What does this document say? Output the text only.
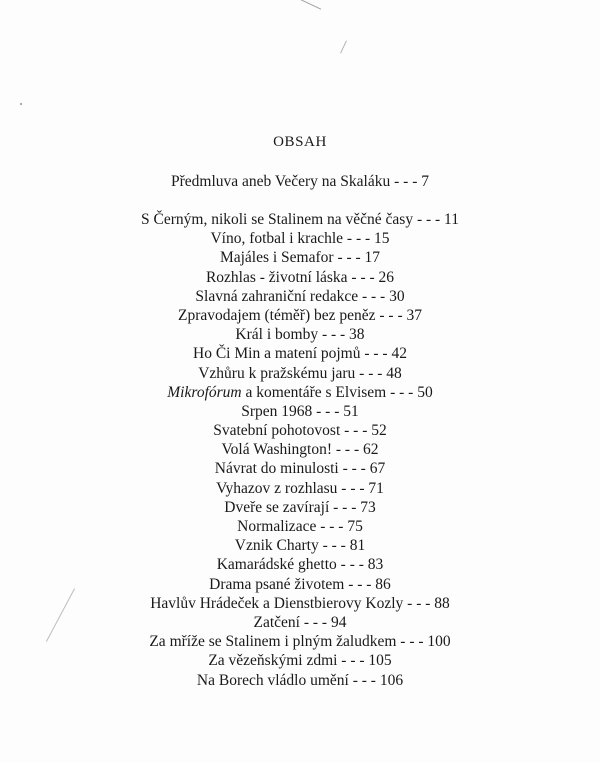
OBSAH
Předmluva aneb Večery na Skaláku - - - 7
S Černým, nikoli se Stalinem na věčné časy - - - 11
Víno, fotbal i krachle - - - 15
Majáles i Semafor - - - 17
Rozhlas - životní láska - - - 26
Slavná zahraniční redakce - - - 30
Zpravodajem (téměř) bez peněz - - - 37
Král i bomby - - - 38
Ho Či Min a matení pojmů - - - 42
Vzhůru k pražskému jaru - - - 48
Mikrofórum a komentáře s Elvisem - - - 50
Srpen 1968 - - - 51
Svatební pohotovost - - - 52
Volá Washington! - - - 62
Návrat do minulosti - - - 67
Vyhazov z rozhlasu - - - 71
Dveře se zavírají - - - 73
Normalizace - - - 75
Vznik Charty - - - 81
Kamarádské ghetto - - - 83
Drama psané životem - - - 86
Havlův Hrádeček a Dienstbierovy Kozly - - - 88
Zatčení - - - 94
Za mříže se Stalinem i plným žaludkem - - - 100
Za vězeňskými zdmi - - - 105
Na Borech vládlo umění - - - 106
